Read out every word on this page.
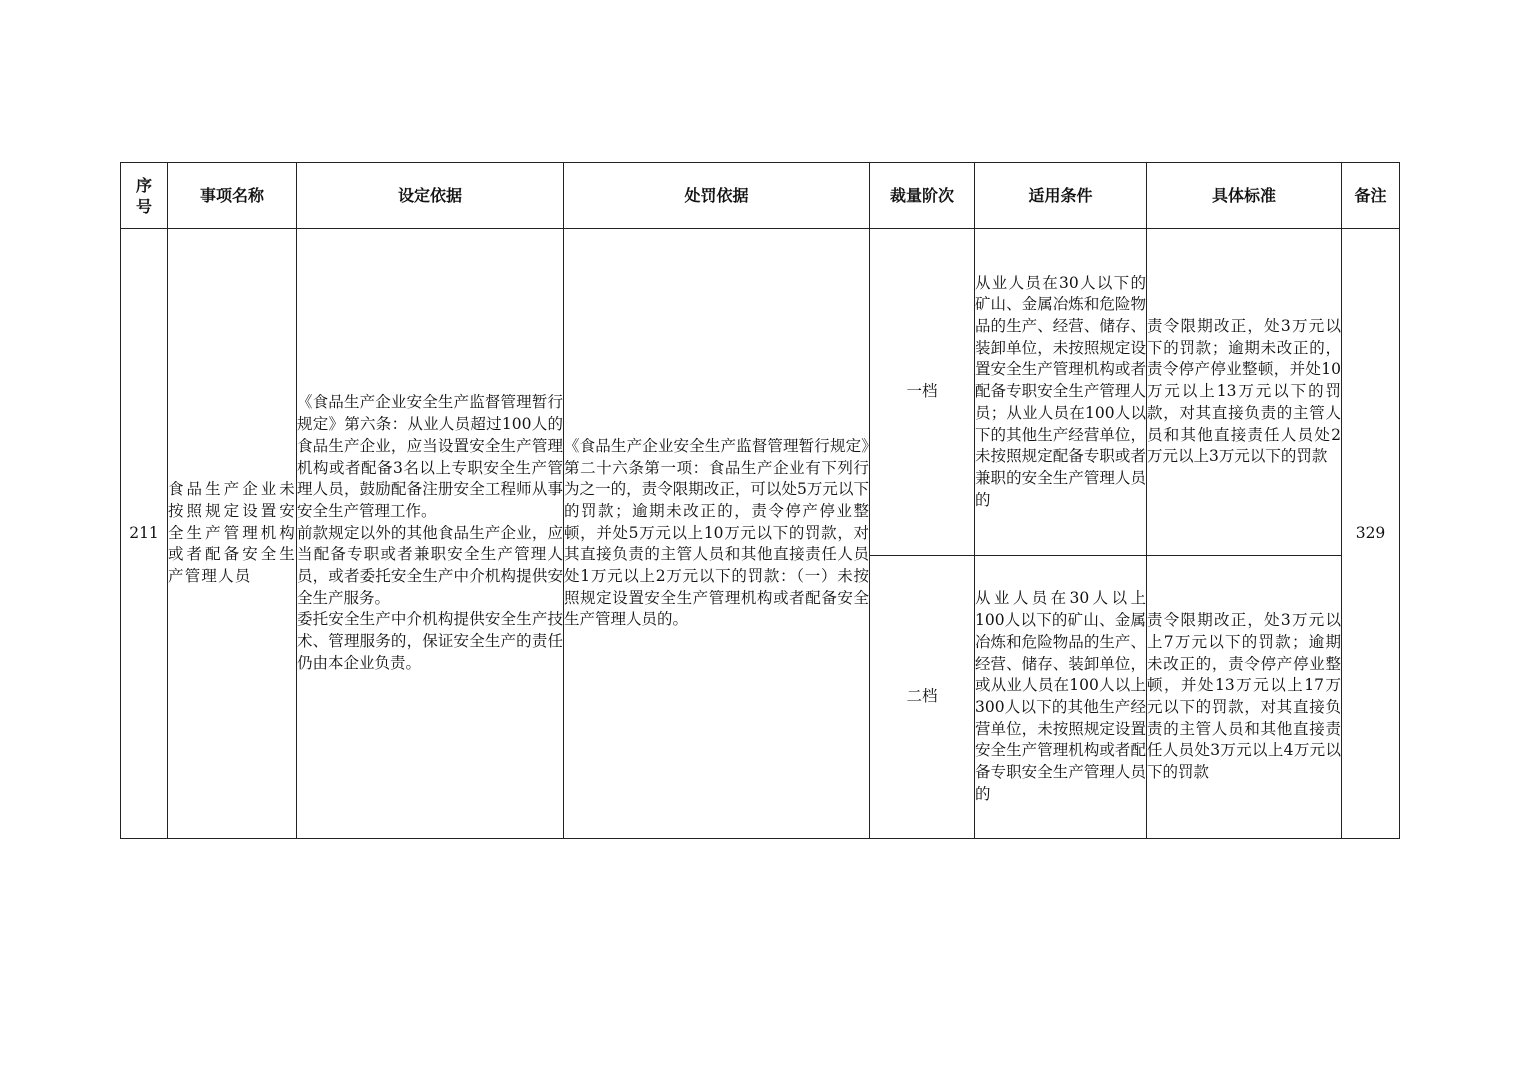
序号	事项名称	设定依据	处罚依据	裁量阶次	适用条件	具体标准	备注
211	食品生产企业未按照规定设置安全生产管理机构或者配备安全生产管理人员	《食品生产企业安全生产监督管理暂行规定》第六条：从业人员超过100人的食品生产企业，应当设置安全生产管理机构或者配备3名以上专职安全生产管理人员，鼓励配备注册安全工程师从事安全生产管理工作。

前款规定以外的其他食品生产企业，应当配备专职或者兼职安全生产管理人员，或者委托安全生产中介机构提供安全生产服务。

委托安全生产中介机构提供安全生产技术、管理服务的，保证安全生产的责任仍由本企业负责。	《食品生产企业安全生产监督管理暂行规定》第二十六条第一项：食品生产企业有下列行为之一的，责令限期改正，可以处5万元以下的罚款；逾期未改正的，责令停产停业整顿，并处5万元以上10万元以下的罚款，对其直接负责的主管人员和其他直接责任人员处1万元以上2万元以下的罚款：（一）未按照规定设置安全生产管理机构或者配备安全生产管理人员的。	一档	从业人员在30人以下的矿山、金属冶炼和危险物品的生产、经营、储存、装卸单位，未按照规定设置安全生产管理机构或者配备专职安全生产管理人员；从业人员在100人以下的其他生产经营单位，未按照规定配备专职或者兼职的安全生产管理人员的	责令限期改正，处3万元以下的罚款；逾期未改正的，责令停产停业整顿，并处10万元以上13万元以下的罚款，对其直接负责的主管人员和其他直接责任人员处2万元以上3万元以下的罚款	329
				二档	从业人员在30人以上100人以下的矿山、金属冶炼和危险物品的生产、经营、储存、装卸单位，或从业人员在100人以上300人以下的其他生产经营单位，未按照规定设置安全生产管理机构或者配备专职安全生产管理人员的	责令限期改正，处3万元以上7万元以下的罚款；逾期未改正的，责令停产停业整顿，并处13万元以上17万元以下的罚款，对其直接负责的主管人员和其他直接责任人员处3万元以上4万元以下的罚款	
